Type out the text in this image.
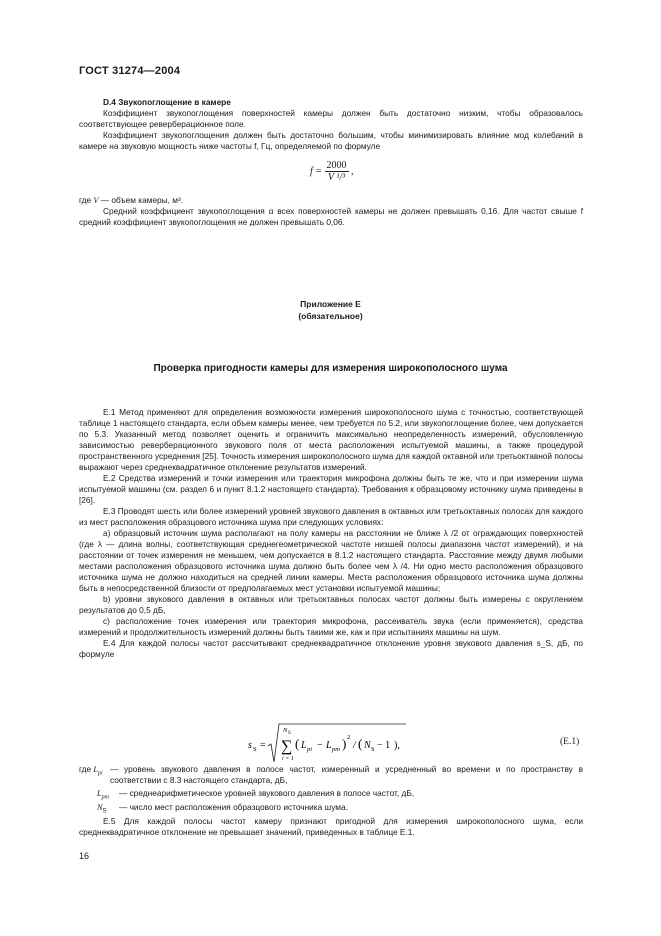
ГОСТ 31274—2004

D.4 Звукопоглощение в камере

Коэффициент звукопоглощения поверхностей камеры должен быть достаточно низким, чтобы образовалось соответствующее реверберационное поле.

Коэффициент звукопоглощения должен быть достаточно большим, чтобы минимизировать влияние мод колебаний в камере на звуковую мощность ниже частоты f, Гц, определяемой по формуле

$f = \frac{2000}{\text{V ¹/³}}$ ,

где V — объем камеры, м³.

Средний коэффициент звукопоглощения α всех поверхностей камеры не должен превышать 0,16. Для частот свыше f средний коэффициент звукопоглощения не должен превышать 0,06.

Приложение Е
(обязательное)
Проверка пригодности камеры для измерения широкополосного шума

Е.1 Метод применяют для определения возможности измерения широкополосного шума с точностью, соответствующей таблице 1 настоящего стандарта, если объем камеры менее, чем требуется по 5.2, или звукопоглощение более, чем допускается по 5.3. Указанный метод позволяет оценить и ограничить максимально неопределенность измерений, обусловленную зависимостью реверберационного звукового поля от места расположения испытуемой машины, а также процедурой пространственного усреднения [25]. Точность измерения широкополосного шума для каждой октавной или третьоктавной полосы выражают через среднеквадратичное отклонение результатов измерений.

Е.2 Средства измерений и точки измерения или траектория микрофона должны быть те же, что и при измерении шума испытуемой машины (см. раздел 6 и пункт 8.1.2 настоящего стандарта). Требования к образцовому источнику шума приведены в [26].

Е.3 Проводят шесть или более измерений уровней звукового давления в октавных или третьоктавных полосах для каждого из мест расположения образцового источника шума при следующих условиях:

а) образцовый источник шума располагают на полу камеры на расстоянии не ближе λ /2 от ограждающих поверхностей (где λ — длина волны, соответствующая среднегеометрической частоте низшей полосы диапазона частот измерений), и на расстоянии от точек измерения не меньшем, чем допускается в 8.1.2 настоящего стандарта. Расстояние между двумя любыми местами расположения образцового источника шума должно быть более чем λ /4. Ни одно место расположения образцового источника шума не должно находиться на средней линии камеры. Места расположения образцового источника шума должны быть в непосредственной близости от предполагаемых мест установки испытуемой машины;

b) уровни звукового давления в октавных или третьоктавных полосах частот должны быть измерены с округлением результатов до 0,5 дБ,

с) расположение точек измерения или траектория микрофона, рассеиватель звука (если применяется), средства измерений и продолжительность измерений должны быть такими же, как и при испытаниях машины на шум.

Е.4 Для каждой полосы частот рассчитывают среднеквадратичное отклонение уровня звукового давления s_S, дБ, по формуле

s S =
N S
∑
i = 1
( L pi − L pm ) 2
/ ( N S − 1 ),	(E.1)
где $L_{pi}$ — уровень звукового давления в полосе частот, измеренный и усредненный во времени и по пространству в соответствии с 8.3 настоящего стандарта, дБ,
$L_{pm}$	— среднеарифметическое уровней звукового давления в полосе частот, дБ,
$N_S$	— число мест расположения образцового источника шума.

Е.5 Для каждой полосы частот камеру признают пригодной для измерения широкополосного шума, если среднеквадратичное отклонение не превышает значений, приведенных в таблице Е.1.

16
